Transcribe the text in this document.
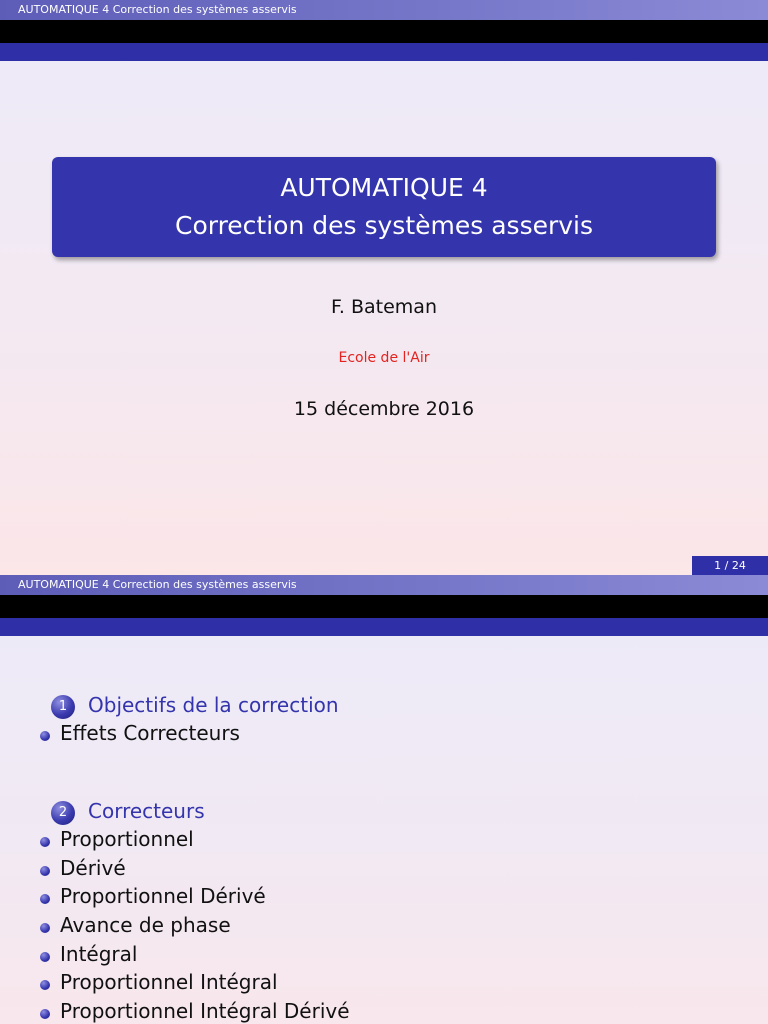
AUTOMATIQUE 4 Correction des systèmes asservis
AUTOMATIQUE 4
Correction des systèmes asservis
F. Bateman
Ecole de l'Air
15 décembre 2016
1 / 24
AUTOMATIQUE 4 Correction des systèmes asservis
1	Objectifs de la correction
Effets Correcteurs
2	Correcteurs
Proportionnel
Dérivé
Proportionnel Dérivé
Avance de phase
Intégral
Proportionnel Intégral
Proportionnel Intégral Dérivé
